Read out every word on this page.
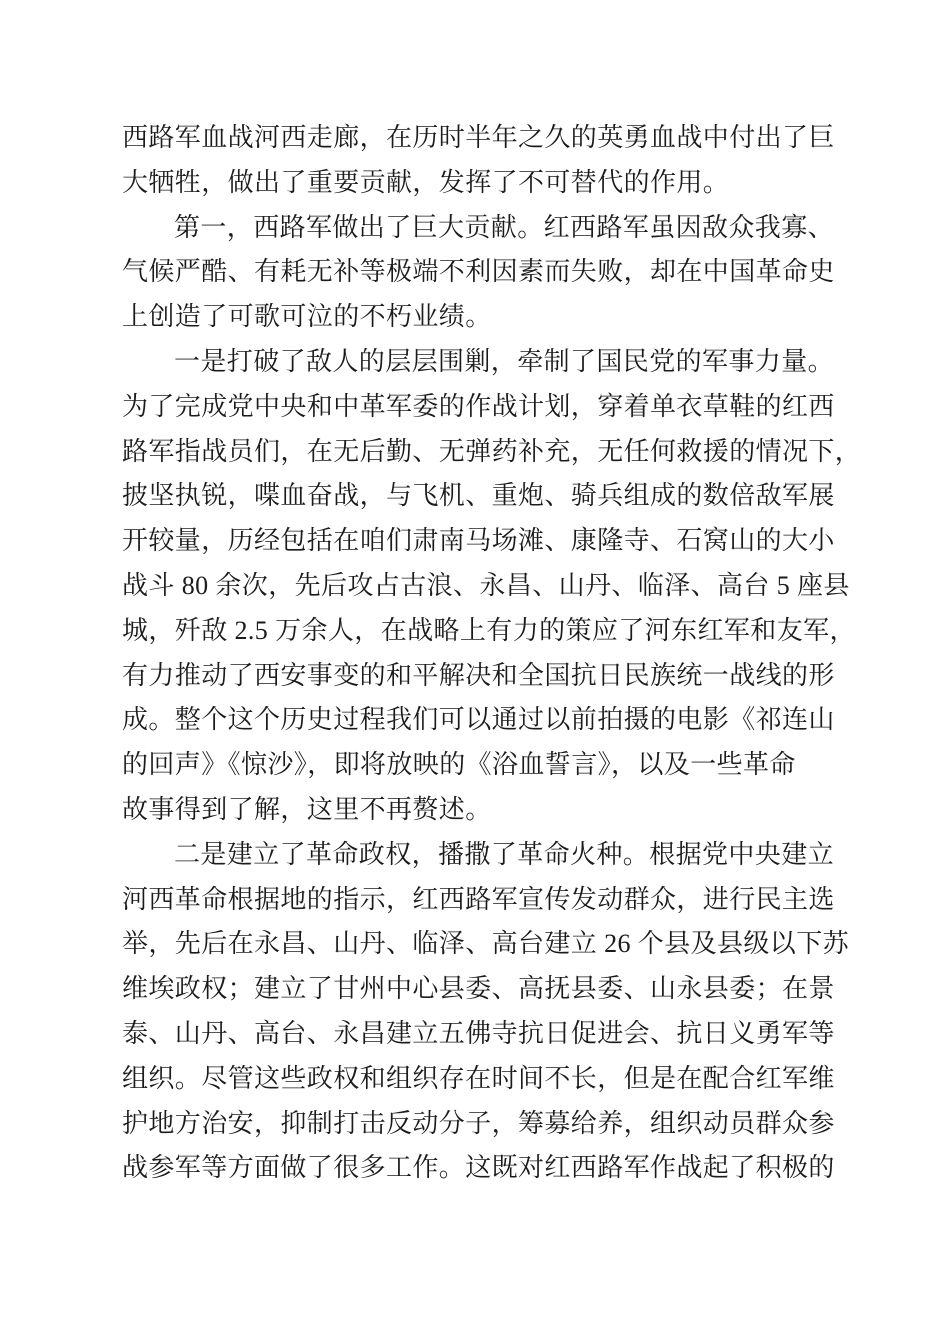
西路军血战河西走廊，在历时半年之久的英勇血战中付出了巨
大牺牲，做出了重要贡献，发挥了不可替代的作用。
第一，西路军做出了巨大贡献。红西路军虽因敌众我寡、
气候严酷、有耗无补等极端不利因素而失败，却在中国革命史
上创造了可歌可泣的不朽业绩。
一是打破了敌人的层层围剿，牵制了国民党的军事力量。
为了完成党中央和中革军委的作战计划，穿着单衣草鞋的红西
路军指战员们，在无后勤、无弹药补充，无任何救援的情况下，
披坚执锐，喋血奋战，与飞机、重炮、骑兵组成的数倍敌军展
开较量，历经包括在咱们肃南马场滩、康隆寺、石窝山的大小
战斗 80 余次，先后攻占古浪、永昌、山丹、临泽、高台 5 座县
城，歼敌 2.5 万余人，在战略上有力的策应了河东红军和友军，
有力推动了西安事变的和平解决和全国抗日民族统一战线的形
成。整个这个历史过程我们可以通过以前拍摄的电影《祁连山
的回声》《惊沙》，即将放映的《浴血誓言》，以及一些革命
故事得到了解，这里不再赘述。
二是建立了革命政权，播撒了革命火种。根据党中央建立
河西革命根据地的指示，红西路军宣传发动群众，进行民主选
举，先后在永昌、山丹、临泽、高台建立 26 个县及县级以下苏
维埃政权；建立了甘州中心县委、高抚县委、山永县委；在景
泰、山丹、高台、永昌建立五佛寺抗日促进会、抗日义勇军等
组织。尽管这些政权和组织存在时间不长，但是在配合红军维
护地方治安，抑制打击反动分子，筹募给养，组织动员群众参
战参军等方面做了很多工作。这既对红西路军作战起了积极的
